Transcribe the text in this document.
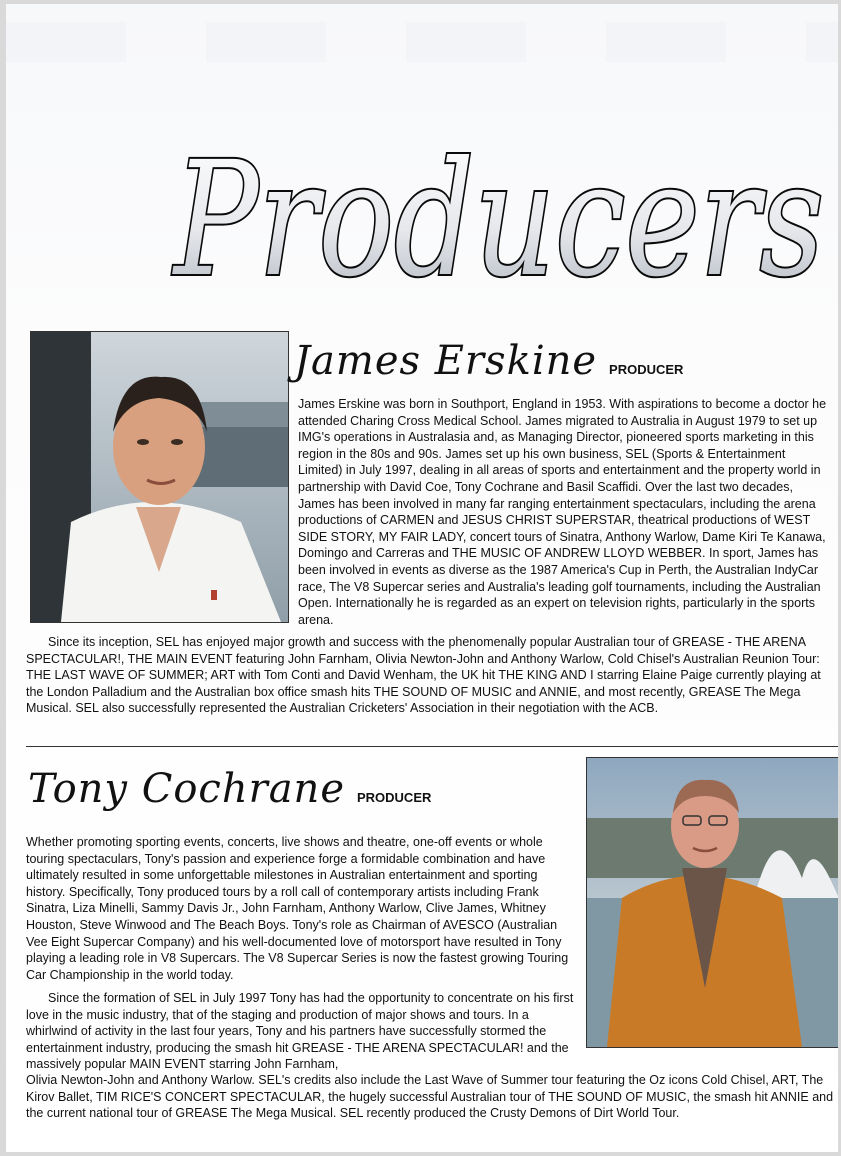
Producers
James Erskine PRODUCER

James Erskine was born in Southport, England in 1953. With aspirations to become a doctor he attended Charing Cross Medical School. James migrated to Australia in August 1979 to set up IMG's operations in Australasia and, as Managing Director, pioneered sports marketing in this region in the 80s and 90s. James set up his own business, SEL (Sports & Entertainment Limited) in July 1997, dealing in all areas of sports and entertainment and the property world in partnership with David Coe, Tony Cochrane and Basil Scaffidi. Over the last two decades, James has been involved in many far ranging entertainment spectaculars, including the arena productions of CARMEN and JESUS CHRIST SUPERSTAR, theatrical productions of WEST SIDE STORY, MY FAIR LADY, concert tours of Sinatra, Anthony Warlow, Dame Kiri Te Kanawa, Domingo and Carreras and THE MUSIC OF ANDREW LLOYD WEBBER. In sport, James has been involved in events as diverse as the 1987 America's Cup in Perth, the Australian IndyCar race, The V8 Supercar series and Australia's leading golf tournaments, including the Australian Open. Internationally he is regarded as an expert on television rights, particularly in the sports arena.

Since its inception, SEL has enjoyed major growth and success with the phenomenally popular Australian tour of GREASE - THE ARENA SPECTACULAR!, THE MAIN EVENT featuring John Farnham, Olivia Newton-John and Anthony Warlow, Cold Chisel's Australian Reunion Tour: THE LAST WAVE OF SUMMER; ART with Tom Conti and David Wenham, the UK hit THE KING AND I starring Elaine Paige currently playing at the London Palladium and the Australian box office smash hits THE SOUND OF MUSIC and ANNIE, and most recently, GREASE The Mega Musical. SEL also successfully represented the Australian Cricketers' Association in their negotiation with the ACB.

Tony Cochrane PRODUCER

Whether promoting sporting events, concerts, live shows and theatre, one-off events or whole touring spectaculars, Tony's passion and experience forge a formidable combination and have ultimately resulted in some unforgettable milestones in Australian entertainment and sporting history. Specifically, Tony produced tours by a roll call of contemporary artists including Frank Sinatra, Liza Minelli, Sammy Davis Jr., John Farnham, Anthony Warlow, Clive James, Whitney Houston, Steve Winwood and The Beach Boys. Tony's role as Chairman of AVESCO (Australian Vee Eight Supercar Company) and his well-documented love of motorsport have resulted in Tony playing a leading role in V8 Supercars. The V8 Supercar Series is now the fastest growing Touring Car Championship in the world today.

Since the formation of SEL in July 1997 Tony has had the opportunity to concentrate on his first love in the music industry, that of the staging and production of major shows and tours. In a whirlwind of activity in the last four years, Tony and his partners have successfully stormed the entertainment industry, producing the smash hit GREASE - THE ARENA SPECTACULAR! and the massively popular MAIN EVENT starring John Farnham,

Olivia Newton-John and Anthony Warlow. SEL's credits also include the Last Wave of Summer tour featuring the Oz icons Cold Chisel, ART, The Kirov Ballet, TIM RICE'S CONCERT SPECTACULAR, the hugely successful Australian tour of THE SOUND OF MUSIC, the smash hit ANNIE and the current national tour of GREASE The Mega Musical. SEL recently produced the Crusty Demons of Dirt World Tour.
